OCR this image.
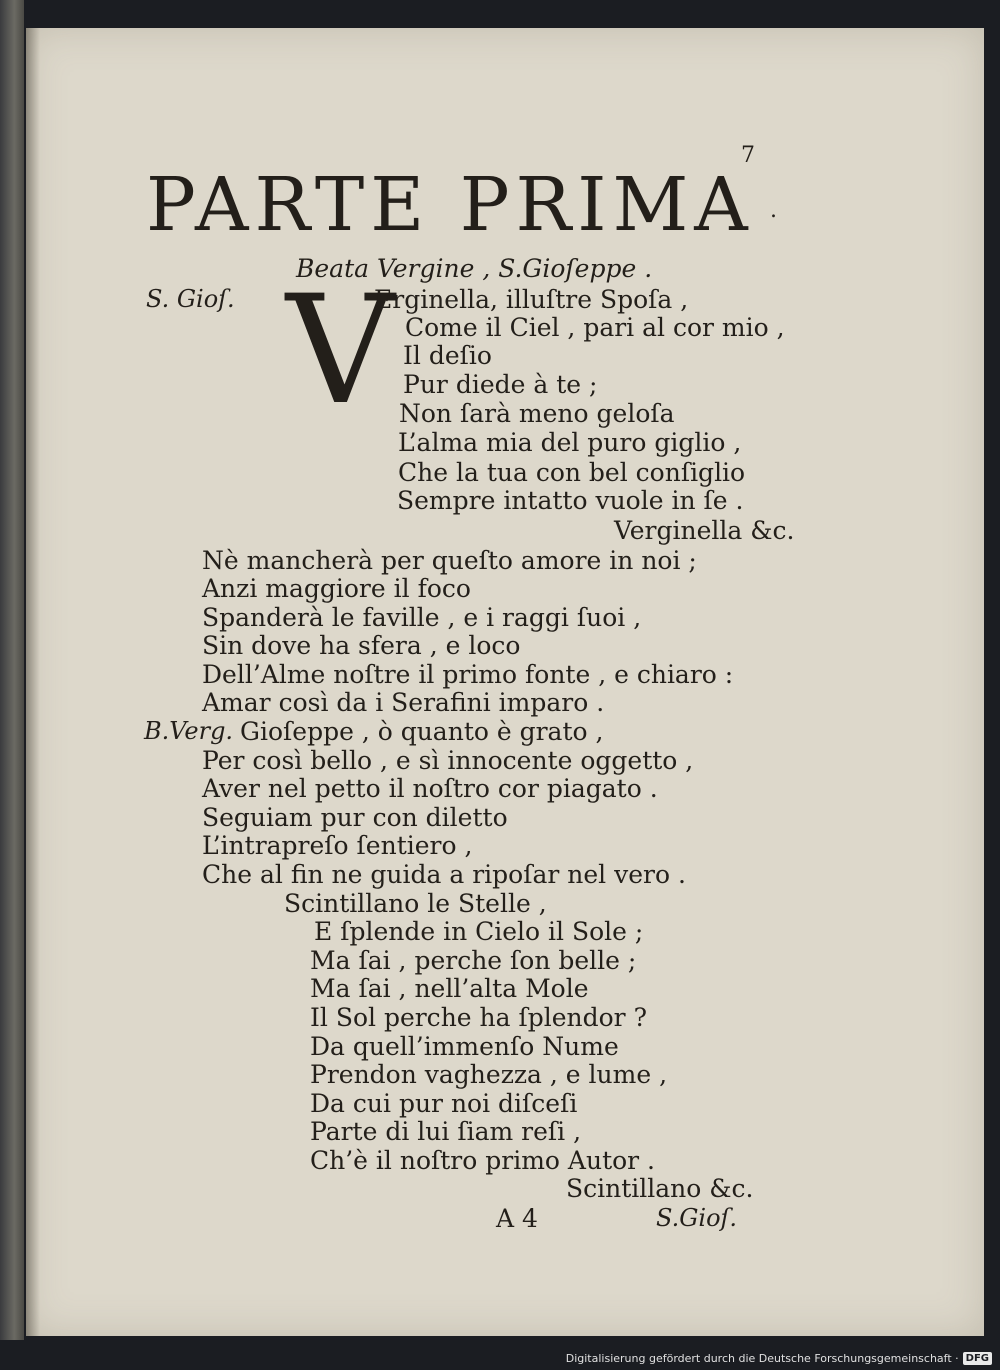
7
PARTE PRIMA .
Beata Vergine , S.Gioſeppe .
S. Gioſ. V
Erginella, illuſtre Spoſa ,
Come il Ciel , pari al cor mio ,
Il deſio
Pur diede à te ;
Non ſarà meno geloſa
L’alma mia del puro giglio ,
Che la tua con bel conſiglio
Sempre intatto vuole in ſe .
Verginella &c.
Nè mancherà per queſto amore in noi ;
Anzi maggiore il foco
Spanderà le faville , e i raggi ſuoi ,
Sin dove ha sfera , e loco
Dell’Alme noſtre il primo fonte , e chiaro :
Amar così da i Serafini imparo .
B.Verg. Gioſeppe , ò quanto è grato ,
Per così bello , e sì innocente oggetto ,
Aver nel petto il noſtro cor piagato .
Seguiam pur con diletto
L’intrapreſo ſentiero ,
Che al fin ne guida a ripoſar nel vero .
Scintillano le Stelle ,
E ſplende in Cielo il Sole ;
Ma ſai , perche ſon belle ;
Ma ſai , nell’alta Mole
Il Sol perche ha ſplendor ?
Da quell’immenſo Nume
Prendon vaghezza , e lume ,
Da cui pur noi diſceſi
Parte di lui ſiam reſi ,
Ch’è il noſtro primo Autor .
Scintillano &c.
A 4	S.Gioſ.
Digitalisierung gefördert durch die Deutsche Forschungsgemeinschaft · DFG
